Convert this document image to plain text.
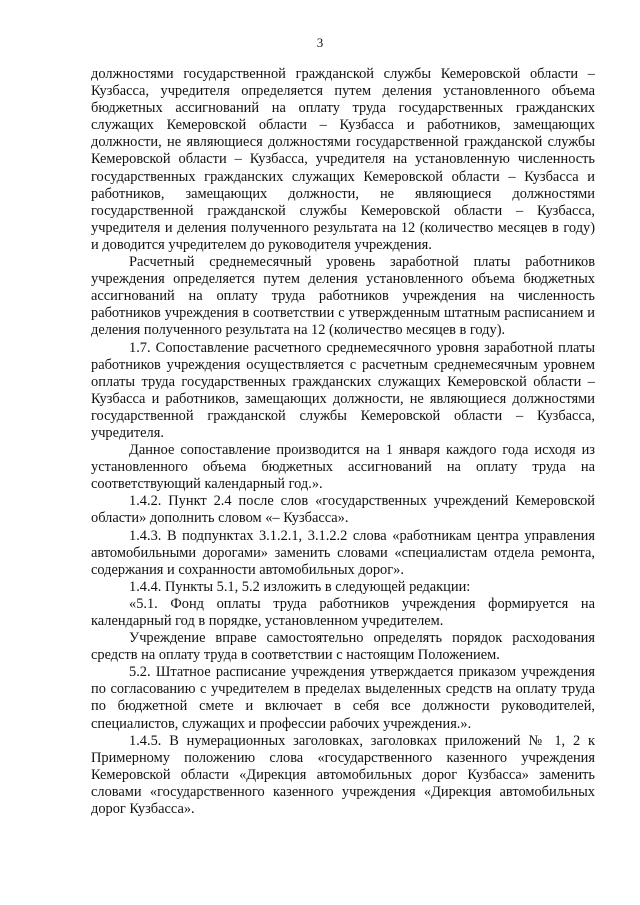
3

должностями государственной гражданской службы Кемеровской области – Кузбасса, учредителя определяется путем деления установленного объема бюджетных ассигнований на оплату труда государственных гражданских служащих Кемеровской области – Кузбасса и работников, замещающих должности, не являющиеся должностями государственной гражданской службы Кемеровской области – Кузбасса, учредителя на установленную численность государственных гражданских служащих Кемеровской области – Кузбасса и работников, замещающих должности, не являющиеся должностями государственной гражданской службы Кемеровской области – Кузбасса, учредителя и деления полученного результата на 12 (количество месяцев в году) и доводится учредителем до руководителя учреждения.

Расчетный среднемесячный уровень заработной платы работников учреждения определяется путем деления установленного объема бюджетных ассигнований на оплату труда работников учреждения на численность работников учреждения в соответствии с утвержденным штатным расписанием и деления полученного результата на 12 (количество месяцев в году).

1.7. Сопоставление расчетного среднемесячного уровня заработной платы работников учреждения осуществляется с расчетным среднемесячным уровнем оплаты труда государственных гражданских служащих Кемеровской области – Кузбасса и работников, замещающих должности, не являющиеся должностями государственной гражданской службы Кемеровской области – Кузбасса, учредителя.

Данное сопоставление производится на 1 января каждого года исходя из установленного объема бюджетных ассигнований на оплату труда на соответствующий календарный год.».

1.4.2. Пункт 2.4 после слов «государственных учреждений Кемеровской области» дополнить словом «– Кузбасса».

1.4.3. В подпунктах 3.1.2.1, 3.1.2.2 слова «работникам центра управления автомобильными дорогами» заменить словами «специалистам отдела ремонта, содержания и сохранности автомобильных дорог».

1.4.4. Пункты 5.1, 5.2 изложить в следующей редакции:

«5.1. Фонд оплаты труда работников учреждения формируется на календарный год в порядке, установленном учредителем.

Учреждение вправе самостоятельно определять порядок расходования средств на оплату труда в соответствии с настоящим Положением.

5.2. Штатное расписание учреждения утверждается приказом учреждения по согласованию с учредителем в пределах выделенных средств на оплату труда по бюджетной смете и включает в себя все должности руководителей, специалистов, служащих и профессии рабочих учреждения.».

1.4.5. В нумерационных заголовках, заголовках приложений № 1, 2 к Примерному положению слова «государственного казенного учреждения Кемеровской области «Дирекция автомобильных дорог Кузбасса» заменить словами «государственного казенного учреждения «Дирекция автомобильных дорог Кузбасса».
